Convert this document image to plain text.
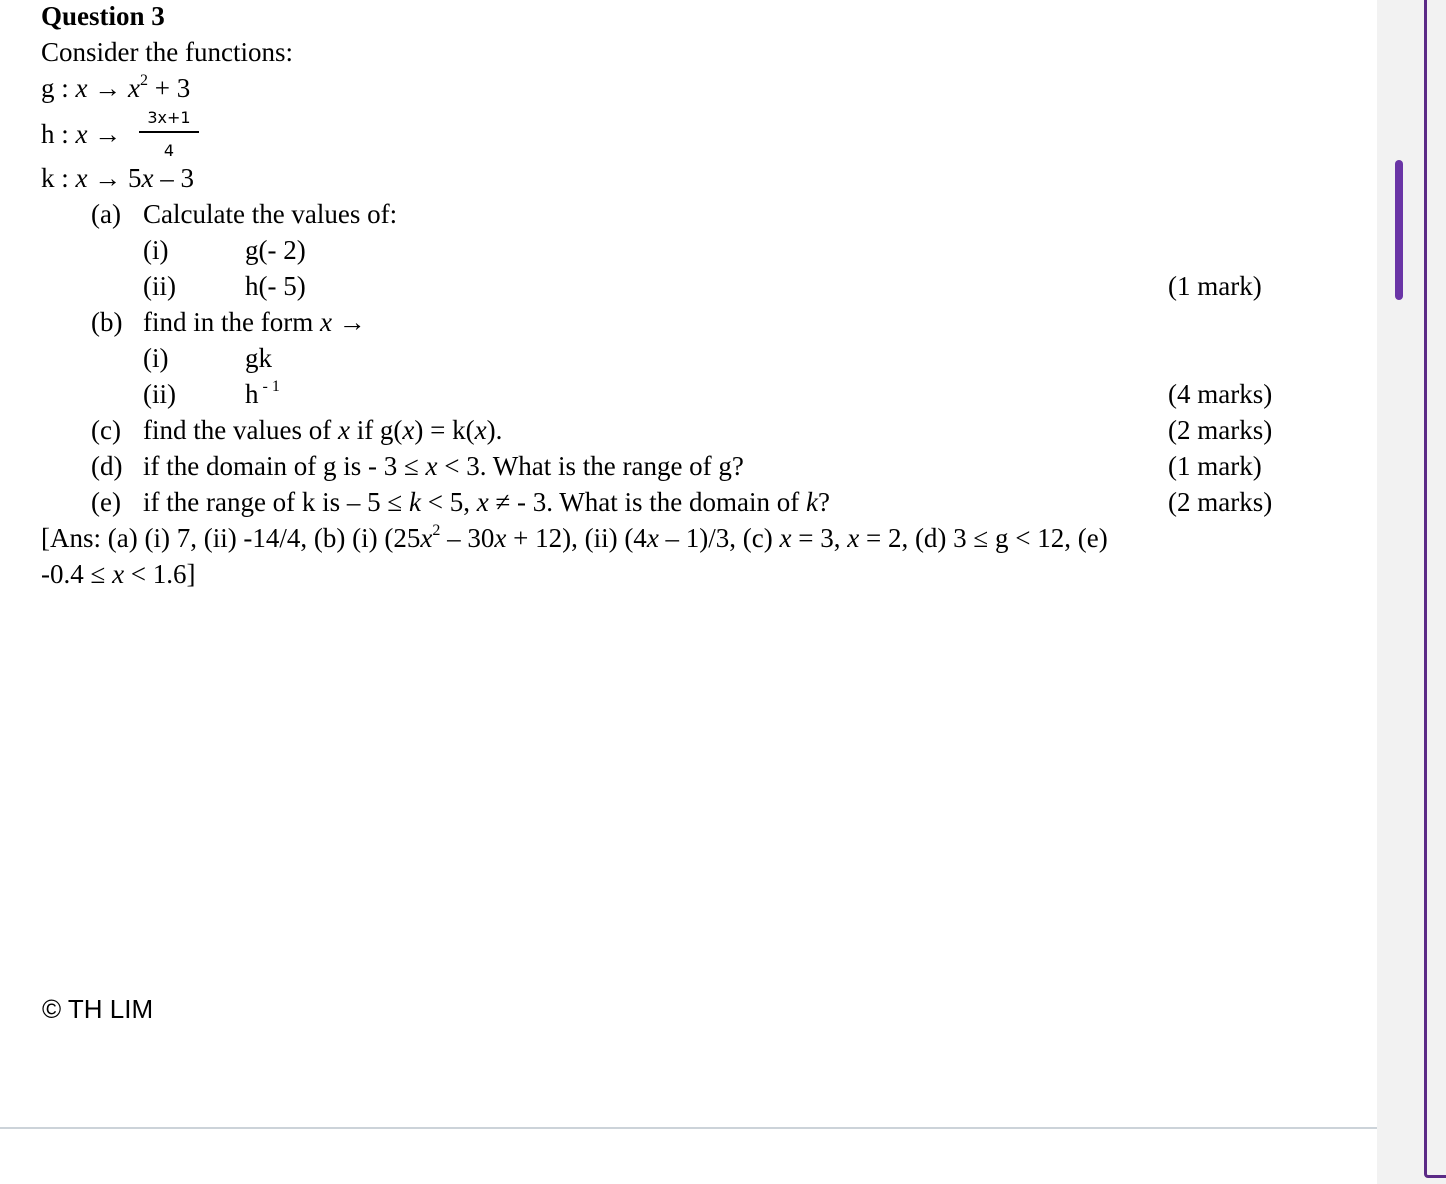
Question 3
Consider the functions:
g : $x \to x^2 + 3$
h : x →
3x+1
4
k : x → 5x – 3
(a) Calculate the values of:
(i)	g(- 2)
(ii)	h(- 5)	(1 mark)
(b) find in the form x →
(i)	gk
(ii)	h $^{- 1}$	(4 marks)
(c) find the values of x if g(x) = k(x).	(2 marks)
(d) if the domain of g is - 3 ≤ x < 3. What is the range of g?	(1 mark)
(e) if the range of k is – 5 ≤ k < 5, x ≠ - 3. What is the domain of k?	(2 marks)
[Ans: (a) (i) 7, (ii) -14/4, (b) (i) $(25x^2 - 30x + 12)$, (ii) (4x – 1)/3, (c) x = 3, x = 2, (d) 3 ≤ g < 12, (e)
-0.4 ≤ x < 1.6]
© TH LIM
